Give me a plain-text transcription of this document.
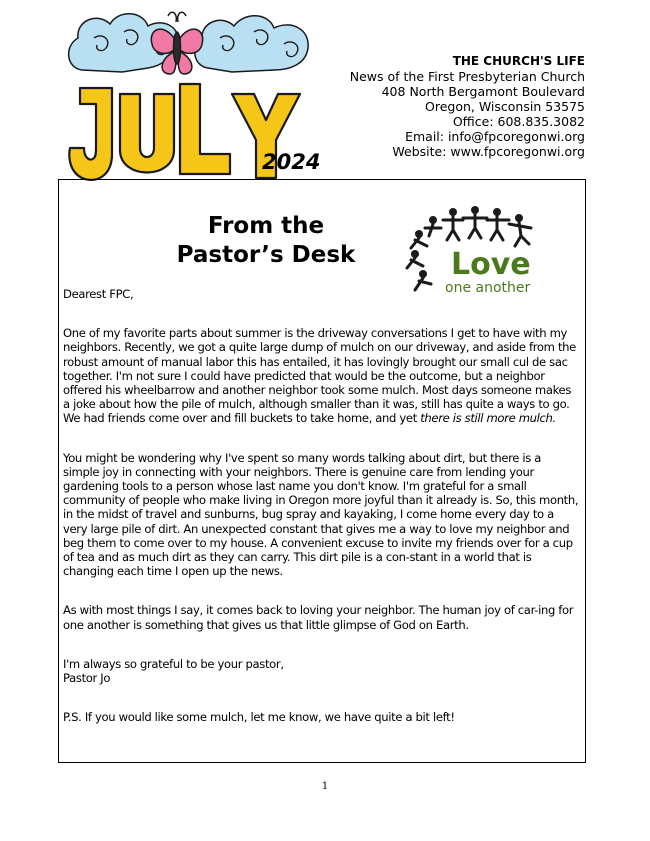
2024
THE CHURCH'S LIFE
News of the First Presbyterian Church
408 North Bergamont Boulevard
Oregon, Wisconsin 53575
Office: 608.835.3082
Email: info@fpcoregonwi.org
Website: www.fpcoregonwi.org
From the
Pastor’s Desk	Love
one another

Dearest FPC,

One of my favorite parts about summer is the driveway conversations I get to have with my neighbors. Recently, we got a quite large dump of mulch on our driveway, and aside from the robust amount of manual labor this has entailed, it has lovingly brought our small cul de sac together. I'm not sure I could have predicted that would be the outcome, but a neighbor offered his wheelbarrow and another neighbor took some mulch. Most days someone makes a joke about how the pile of mulch, although smaller than it was, still has quite a ways to go. We had friends come over and fill buckets to take home, and yet there is still more mulch.

You might be wondering why I've spent so many words talking about dirt, but there is a simple joy in connecting with your neighbors. There is genuine care from lending your gardening tools to a person whose last name you don't know. I'm grateful for a small community of people who make living in Oregon more joyful than it already is. So, this month, in the midst of travel and sunburns, bug spray and kayaking, I come home every day to a very large pile of dirt. An unexpected constant that gives me a way to love my neighbor and beg them to come over to my house. A convenient excuse to invite my friends over for a cup of tea and as much dirt as they can carry. This dirt pile is a con-stant in a world that is changing each time I open up the news.

As with most things I say, it comes back to loving your neighbor. The human joy of car-ing for one another is something that gives us that little glimpse of God on Earth.

I'm always so grateful to be your pastor,
Pastor Jo

P.S. If you would like some mulch, let me know, we have quite a bit left!

1
